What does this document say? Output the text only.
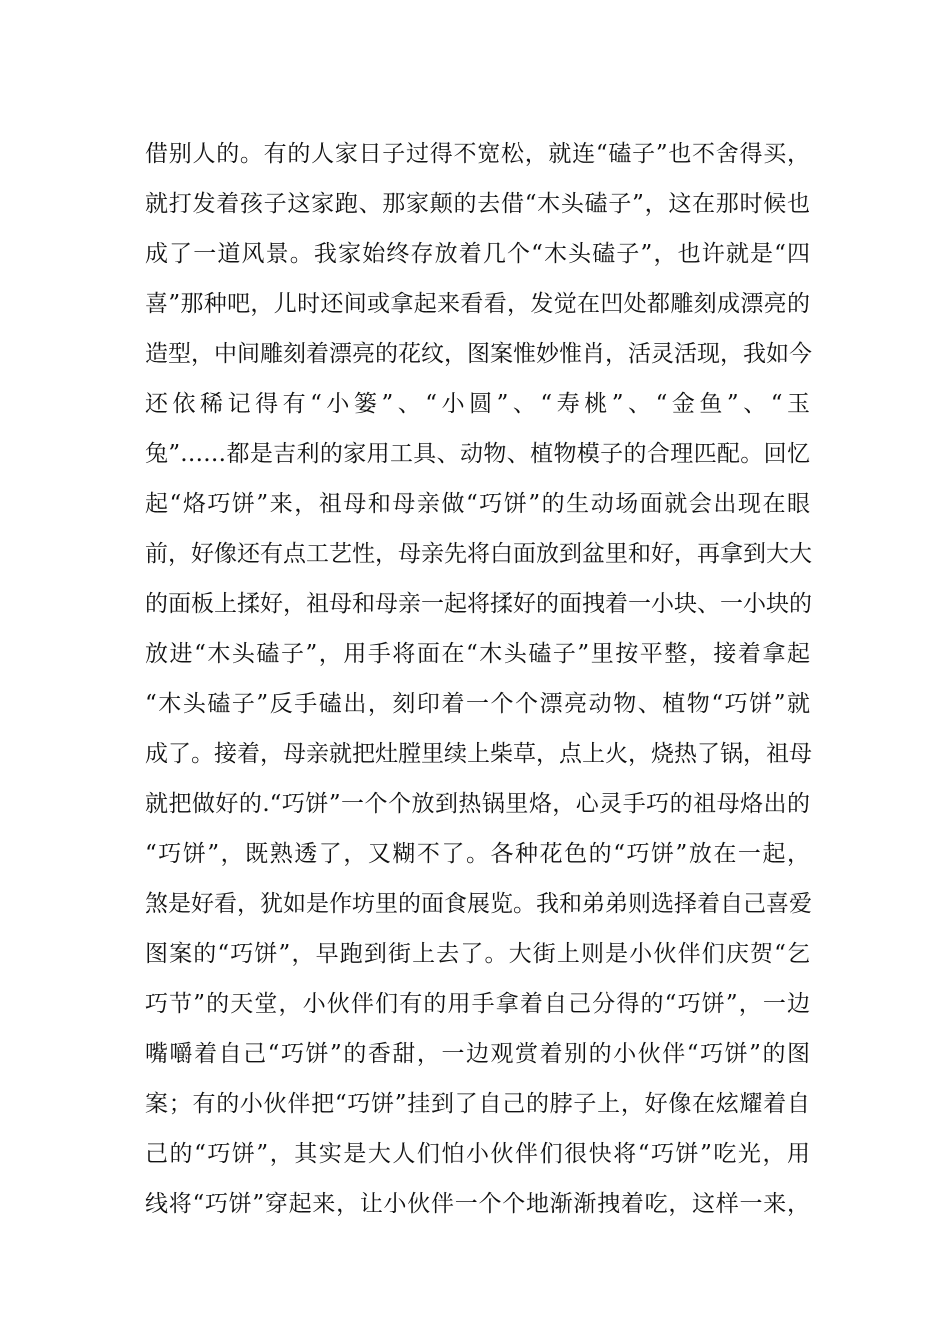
借别人的。有的人家日子过得不宽松，就连“磕子”也不舍得买，
就打发着孩子这家跑、那家颠的去借“木头磕子”，这在那时候也
成了一道风景。我家始终存放着几个“木头磕子”，也许就是“四
喜”那种吧，儿时还间或拿起来看看，发觉在凹处都雕刻成漂亮的
造型，中间雕刻着漂亮的花纹，图案惟妙惟肖，活灵活现，我如今
还依稀记得有“小篓”、“小圆”、“寿桃”、“金鱼”、“玉
兔”……都是吉利的家用工具、动物、植物模子的合理匹配。回忆
起“烙巧饼”来，祖母和母亲做“巧饼”的生动场面就会出现在眼
前，好像还有点工艺性，母亲先将白面放到盆里和好，再拿到大大
的面板上揉好，祖母和母亲一起将揉好的面拽着一小块、一小块的
放进“木头磕子”，用手将面在“木头磕子”里按平整，接着拿起
“木头磕子”反手磕出，刻印着一个个漂亮动物、植物“巧饼”就
成了。接着，母亲就把灶膛里续上柴草，点上火，烧热了锅，祖母
就把做好的.“巧饼”一个个放到热锅里烙，心灵手巧的祖母烙出的
“巧饼”，既熟透了，又糊不了。各种花色的“巧饼”放在一起，
煞是好看，犹如是作坊里的面食展览。我和弟弟则选择着自己喜爱
图案的“巧饼”，早跑到街上去了。大街上则是小伙伴们庆贺“乞
巧节”的天堂，小伙伴们有的用手拿着自己分得的“巧饼”，一边
嘴嚼着自己“巧饼”的香甜，一边观赏着别的小伙伴“巧饼”的图
案；有的小伙伴把“巧饼”挂到了自己的脖子上，好像在炫耀着自
己的“巧饼”，其实是大人们怕小伙伴们很快将“巧饼”吃光，用
线将“巧饼”穿起来，让小伙伴一个个地渐渐拽着吃，这样一来，
